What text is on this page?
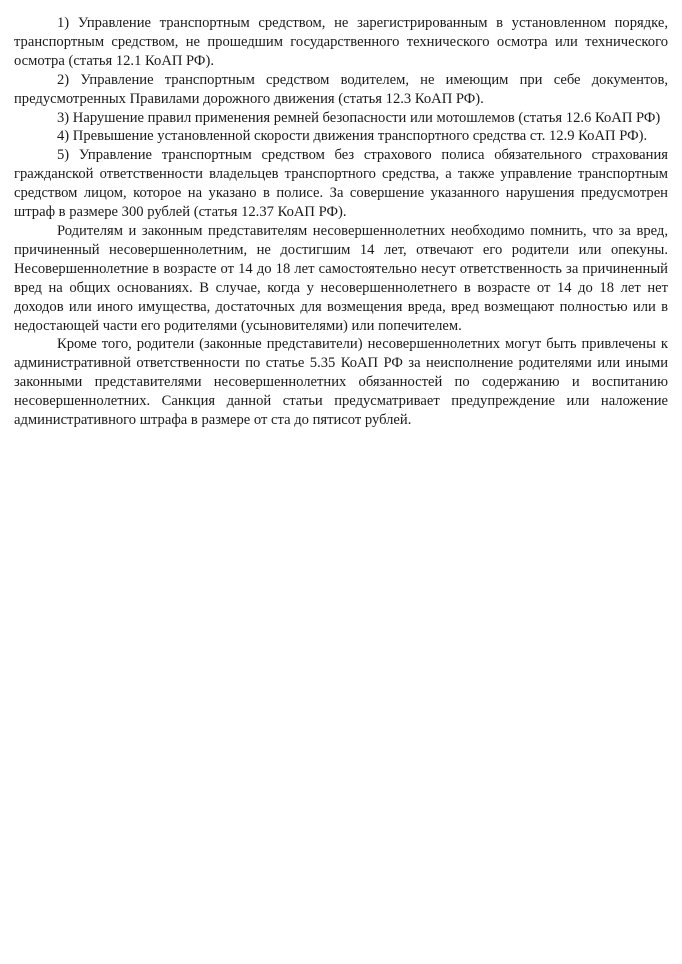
1) Управление транспортным средством, не зарегистрированным в установленном порядке, транспортным средством, не прошедшим государственного технического осмотра или технического осмотра (статья 12.1 КоАП РФ).

2) Управление транспортным средством водителем, не имеющим при себе документов, предусмотренных Правилами дорожного движения (статья 12.3 КоАП РФ).

3) Нарушение правил применения ремней безопасности или мотошлемов (статья 12.6 КоАП РФ)

4) Превышение установленной скорости движения транспортного средства ст. 12.9 КоАП РФ).

5) Управление транспортным средством без страхового полиса обязательного страхования гражданской ответственности владельцев транспортного средства, а также управление транспортным средством лицом, которое на указано в полисе. За совершение указанного нарушения предусмотрен штраф в размере 300 рублей (статья 12.37 КоАП РФ).

Родителям и законным представителям несовершеннолетних необходимо помнить, что за вред, причиненный несовершеннолетним, не достигшим 14 лет, отвечают его родители или опекуны. Несовершеннолетние в возрасте от 14 до 18 лет самостоятельно несут ответственность за причиненный вред на общих основаниях. В случае, когда у несовершеннолетнего в возрасте от 14 до 18 лет нет доходов или иного имущества, достаточных для возмещения вреда, вред возмещают полностью или в недостающей части его родителями (усыновителями) или попечителем.

Кроме того, родители (законные представители) несовершеннолетних могут быть привлечены к административной ответственности по статье 5.35 КоАП РФ за неисполнение родителями или иными законными представителями несовершеннолетних обязанностей по содержанию и воспитанию несовершеннолетних. Санкция данной статьи предусматривает предупреждение или наложение административного штрафа в размере от ста до пятисот рублей.
